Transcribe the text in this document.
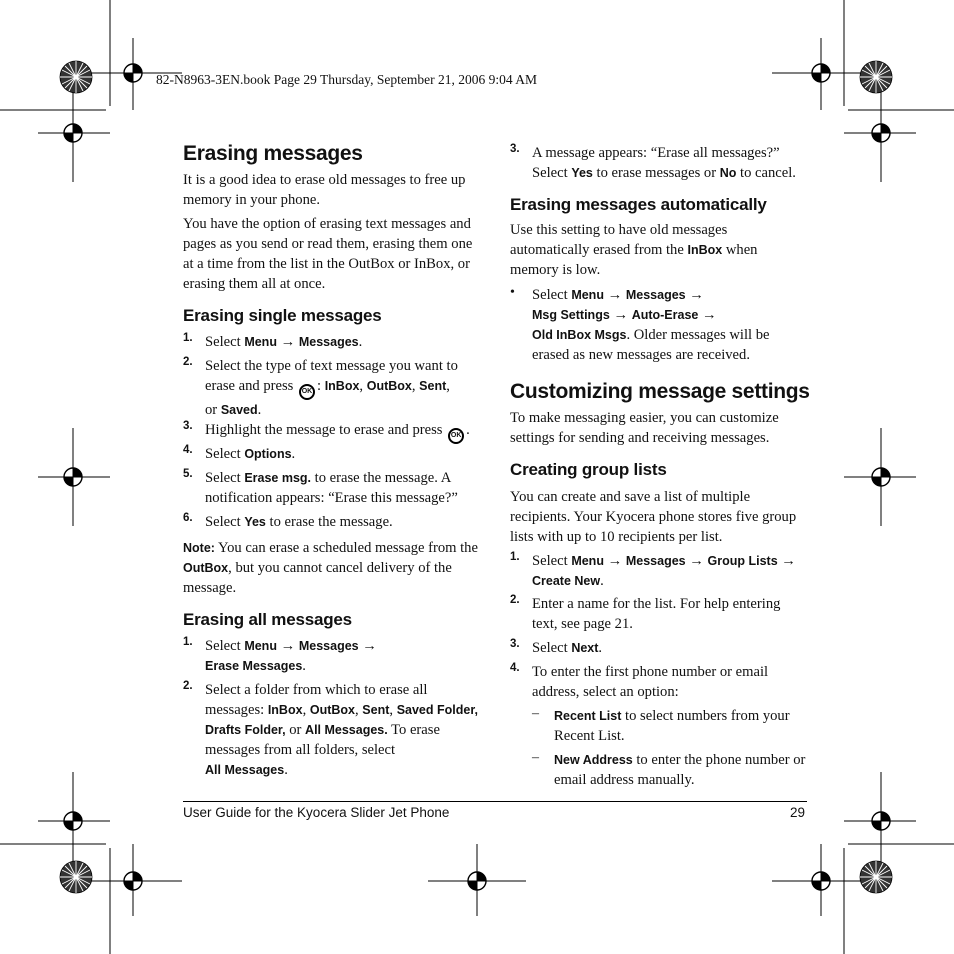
82-N8963-3EN.book Page 29 Thursday, September 21, 2006 9:04 AM
Erasing messages
It is a good idea to erase old messages to free up memory in your phone.
You have the option of erasing text messages and pages as you send or read them, erasing them one at a time from the list in the OutBox or InBox, or erasing them all at once.
Erasing single messages
1. Select Menu → Messages.
2. Select the type of text message you want to erase and press OK : InBox, OutBox, Sent,
or Saved.
3. Highlight the message to erase and press OK .
4. Select Options.
5. Select Erase msg. to erase the message. A notification appears: “Erase this message?”
6. Select Yes to erase the message.
Note: You can erase a scheduled message from the OutBox, but you cannot cancel delivery of the message.
Erasing all messages
1. Select Menu → Messages →
Erase Messages.
2. Select a folder from which to erase all messages: InBox, OutBox, Sent, Saved Folder, Drafts Folder, or All Messages. To erase messages from all folders, select
All Messages.
3. A message appears: “Erase all messages?” Select Yes to erase messages or No to cancel.
Erasing messages automatically
Use this setting to have old messages automatically erased from the InBox when memory is low.
• Select Menu → Messages →
Msg Settings → Auto-Erase →
Old InBox Msgs. Older messages will be erased as new messages are received.
Customizing message settings
To make messaging easier, you can customize settings for sending and receiving messages.
Creating group lists
You can create and save a list of multiple recipients. Your Kyocera phone stores five group lists with up to 10 recipients per list.
1. Select Menu → Messages → Group Lists →
Create New.
2. Enter a name for the list. For help entering text, see page 21.
3. Select Next.
4. To enter the first phone number or email address, select an option:
– Recent List to select numbers from your Recent List.
– New Address to enter the phone number or email address manually.
User Guide for the Kyocera Slider Jet Phone	29
